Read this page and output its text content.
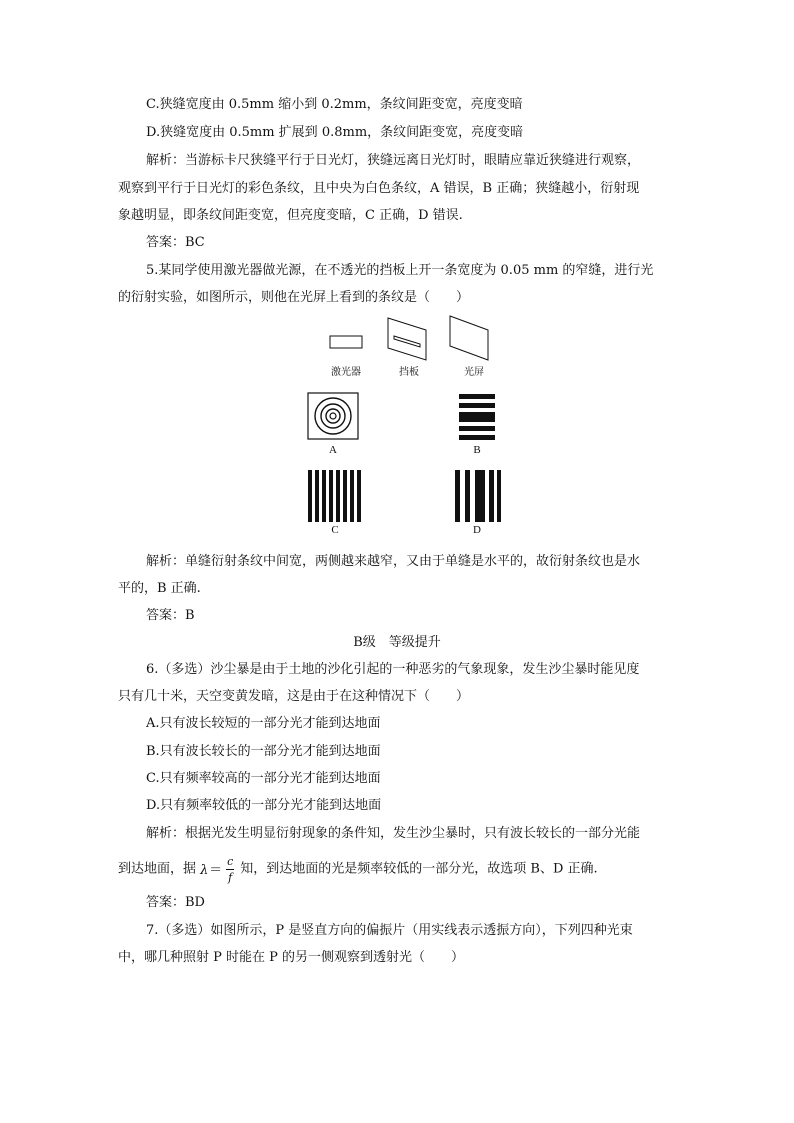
C.狭缝宽度由 0.5mm 缩小到 0.2mm，条纹间距变宽，亮度变暗
D.狭缝宽度由 0.5mm 扩展到 0.8mm，条纹间距变宽，亮度变暗
解析：当游标卡尺狭缝平行于日光灯，狭缝远离日光灯时，眼睛应靠近狭缝进行观察，
观察到平行于日光灯的彩色条纹，且中央为白色条纹，A 错误，B 正确；狭缝越小，衍射现
象越明显，即条纹间距变宽，但亮度变暗，C 正确，D 错误.
答案：BC
5.某同学使用激光器做光源，在不透光的挡板上开一条宽度为 0.05 mm 的窄缝，进行光
的衍射实验，如图所示，则他在光屏上看到的条纹是（　　）
激光器	挡板	光屏
A	B
C	D
解析：单缝衍射条纹中间宽，两侧越来越窄，又由于单缝是水平的，故衍射条纹也是水
平的，B 正确.
答案：B
B级　等级提升
6.（多选）沙尘暴是由于土地的沙化引起的一种恶劣的气象现象，发生沙尘暴时能见度
只有几十米，天空变黄发暗，这是由于在这种情况下（　　）
A.只有波长较短的一部分光才能到达地面
B.只有波长较长的一部分光才能到达地面
C.只有频率较高的一部分光才能到达地面
D.只有频率较低的一部分光才能到达地面
解析：根据光发生明显衍射现象的条件知，发生沙尘暴时，只有波长较长的一部分光能
到达地面，据 λ ＝
c
f
知，到达地面的光是频率较低的一部分光，故选项 B、D 正确.
答案：BD
7.（多选）如图所示，P 是竖直方向的偏振片（用实线表示透振方向），下列四种光束
中，哪几种照射 P 时能在 P 的另一侧观察到透射光（　　）
